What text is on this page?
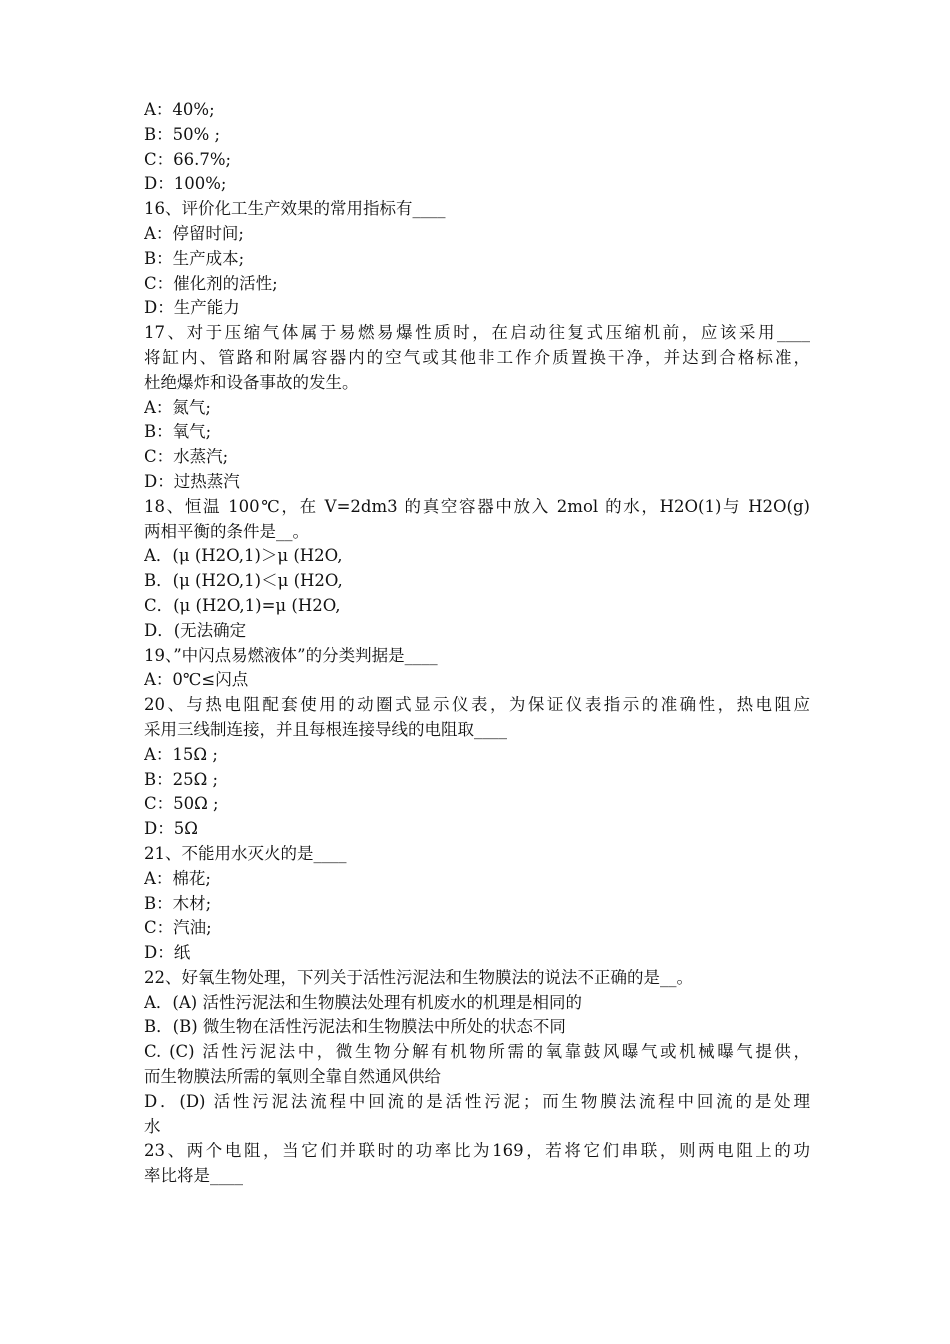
A：40%;
B：50% ;
C：66.7%;
D：100%;
16、评价化工生产效果的常用指标有____
A：停留时间;
B：生产成本;
C：催化剂的活性;
D：生产能力
17、对于压缩气体属于易燃易爆性质时，在启动往复式压缩机前，应该采用____
将缸内、管路和附属容器内的空气或其他非工作介质置换干净，并达到合格标准，
杜绝爆炸和设备事故的发生。
A：氮气;
B：氧气;
C：水蒸汽;
D：过热蒸汽
18、恒温 100℃，在 V=2dm3 的真空容器中放入 2mol 的水，H2O(1)与 H2O(g)
两相平衡的条件是__。
A．(μ (H2O,1)＞μ (H2O,
B．(μ (H2O,1)＜μ (H2O,
C．(μ (H2O,1)=μ (H2O,
D．(无法确定
19、”中闪点易燃液体”的分类判据是____
A：0℃≤闪点
20、与热电阻配套使用的动圈式显示仪表，为保证仪表指示的准确性，热电阻应
采用三线制连接，并且每根连接导线的电阻取____
A：15Ω ;
B：25Ω ;
C：50Ω ;
D：5Ω
21、不能用水灭火的是____
A：棉花;
B：木材;
C：汽油;
D：纸
22、好氧生物处理，下列关于活性污泥法和生物膜法的说法不正确的是__。
A．(A) 活性污泥法和生物膜法处理有机废水的机理是相同的
B．(B) 微生物在活性污泥法和生物膜法中所处的状态不同
C. (C) 活性污泥法中，微生物分解有机物所需的氧靠鼓风曝气或机械曝气提供，
而生物膜法所需的氧则全靠自然通风供给
D．(D) 活性污泥法流程中回流的是活性污泥；而生物膜法流程中回流的是处理
水
23、两个电阻，当它们并联时的功率比为169，若将它们串联，则两电阻上的功
率比将是____
